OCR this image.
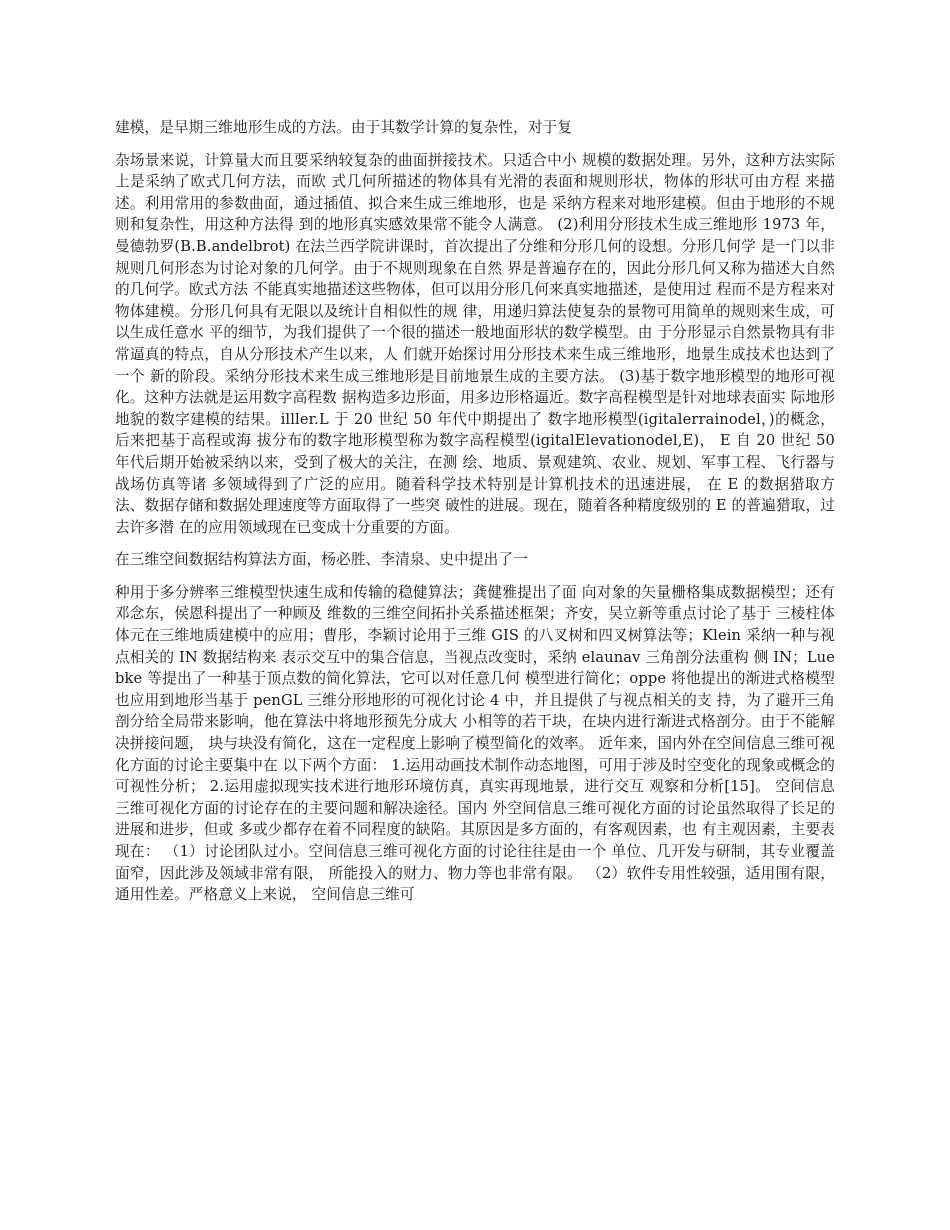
建模，是早期三维地形生成的方法。由于其数学计算的复杂性，对于复

杂场景来说，计算量大而且要采纳较复杂的曲面拼接技术。只适合中小 规模的数据处理。另外，这种方法实际上是采纳了欧式几何方法，而欧 式几何所描述的物体具有光滑的表面和规则形状，物体的形状可由方程 来描述。利用常用的参数曲面，通过插值、拟合来生成三维地形，也是 采纳方程来对地形建模。但由于地形的不规则和复杂性，用这种方法得 到的地形真实感效果常不能令人满意。 (2)利用分形技术生成三维地形 1973 年，曼德勃罗(B.B.andelbrot) 在法兰西学院讲课时，首次提出了分维和分形几何的设想。分形几何学 是一门以非规则几何形态为讨论对象的几何学。由于不规则现象在自然 界是普遍存在的，因此分形几何又称为描述大自然的几何学。欧式方法 不能真实地描述这些物体，但可以用分形几何来真实地描述，是使用过 程而不是方程来对物体建模。分形几何具有无限以及统计自相似性的规 律，用递归算法使复杂的景物可用简单的规则来生成，可以生成任意水 平的细节，为我们提供了一个很的描述一般地面形状的数学模型。由 于分形显示自然景物具有非常逼真的特点，自从分形技术产生以来，人 们就开始探讨用分形技术来生成三维地形，地景生成技术也达到了一个 新的阶段。采纳分形技术来生成三维地形是目前地景生成的主要方法。 (3)基于数字地形模型的地形可视化。这种方法就是运用数字高程数 据构造多边形面，用多边形格逼近。数字高程模型是针对地球表面实 际地形地貌的数字建模的结果。illler.L 于 20 世纪 50 年代中期提出了 数字地形模型(igitalerrainodel，)的概念，后来把基于高程或海 拔分布的数字地形模型称为数字高程模型(igitalElevationodel,E)， E 自 20 世纪 50 年代后期开始被采纳以来，受到了极大的关注，在测 绘、地质、景观建筑、农业、规划、军事工程、飞行器与战场仿真等诸 多领域得到了广泛的应用。随着科学技术特别是计算机技术的迅速进展， 在 E 的数据猎取方法、数据存储和数据处理速度等方面取得了一些突 破性的进展。现在，随着各种精度级别的 E 的普遍猎取，过去许多潜 在的应用领域现在已变成十分重要的方面。

在三维空间数据结构算法方面，杨必胜、李清泉、史中提出了一

种用于多分辨率三维模型快速生成和传输的稳健算法；龚健雅提出了面 向对象的矢量栅格集成数据模型；还有邓念东，侯恩科提出了一种顾及 维数的三维空间拓扑关系描述框架；齐安，吴立新等重点讨论了基于 三棱柱体体元在三维地质建模中的应用；曹彤，李颖讨论用于三维 GIS 的八叉树和四叉树算法等；Klein 采纳一种与视点相关的 IN 数据结构来 表示交互中的集合信息，当视点改变时，采纳 elaunav 三角剖分法重构 侧 IN；Luebke 等提出了一种基于顶点数的简化算法，它可以对任意几何 模型进行简化；oppe 将他提出的渐进式格模型也应用到地形当基于 penGL 三维分形地形的可视化讨论 4 中，并且提供了与视点相关的支 持，为了避开三角剖分给全局带来影响，他在算法中将地形预先分成大 小相等的若干块，在块内进行渐进式格剖分。由于不能解决拼接问题， 块与块没有简化，这在一定程度上影响了模型简化的效率。 近年来，国内外在空间信息三维可视化方面的讨论主要集中在 以下两个方面： 1.运用动画技术制作动态地图，可用于涉及时空变化的现象或概念的 可视性分析； 2.运用虚拟现实技术进行地形环境仿真，真实再现地景，进行交互 观察和分析[15]。 空间信息三维可视化方面的讨论存在的主要问题和解决途径。国内 外空间信息三维可视化方面的讨论虽然取得了长足的进展和进步，但或 多或少都存在着不同程度的缺陷。其原因是多方面的，有客观因素，也 有主观因素，主要表现在： （1）讨论团队过小。空间信息三维可视化方面的讨论往往是由一个 单位、几开发与研制，其专业覆盖面窄，因此涉及领域非常有限， 所能投入的财力、物力等也非常有限。 （2）软件专用性较强，适用围有限，通用性差。严格意义上来说， 空间信息三维可
